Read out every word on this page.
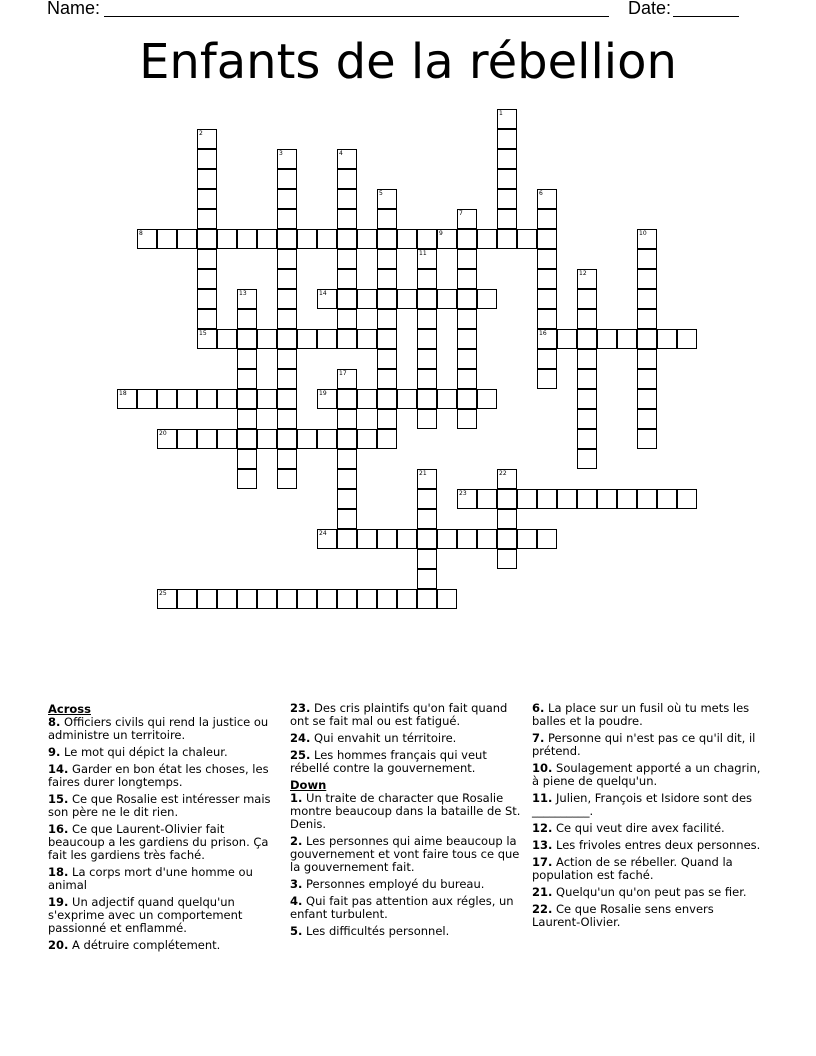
Name:	Date:
Enfants de la rébellion
1
2
3	4
5	6
16
7
8	9	10
11
12
13	14
15
17
18	19
20
21	22
23
24
25
Across
8. Officiers civils qui rend la justice ou administre un territoire.
9. Le mot qui dépict la chaleur.
14. Garder en bon état les choses, les faires durer longtemps.
15. Ce que Rosalie est intéresser mais son père ne le dit rien.
16. Ce que Laurent-Olivier fait beaucoup a les gardiens du prison. Ça fait les gardiens très faché.
18. La corps mort d'une homme ou animal
19. Un adjectif quand quelqu'un s'exprime avec un comportement passionné et enflammé.
20. A détruire complétement.
23. Des cris plaintifs qu'on fait quand ont se fait mal ou est fatigué.
24. Qui envahit un térritoire.
25. Les hommes français qui veut rébellé contre la gouvernement.
Down
1. Un traite de character que Rosalie montre beaucoup dans la bataille de St. Denis.
2. Les personnes qui aime beaucoup la gouvernement et vont faire tous ce que la gouvernement fait.
3. Personnes employé du bureau.
4. Qui fait pas attention aux régles, un enfant turbulent.
5. Les difficultés personnel.
6. La place sur un fusil où tu mets les balles et la poudre.
7. Personne qui n'est pas ce qu'il dit, il prétend.
10. Soulagement apporté a un chagrin, à piene de quelqu'un.
11. Julien, François et Isidore sont des __________.
12. Ce qui veut dire avex facilité.
13. Les frivoles entres deux personnes.
17. Action de se rébeller. Quand la population est faché.
21. Quelqu'un qu'on peut pas se fier.
22. Ce que Rosalie sens envers Laurent-Olivier.
